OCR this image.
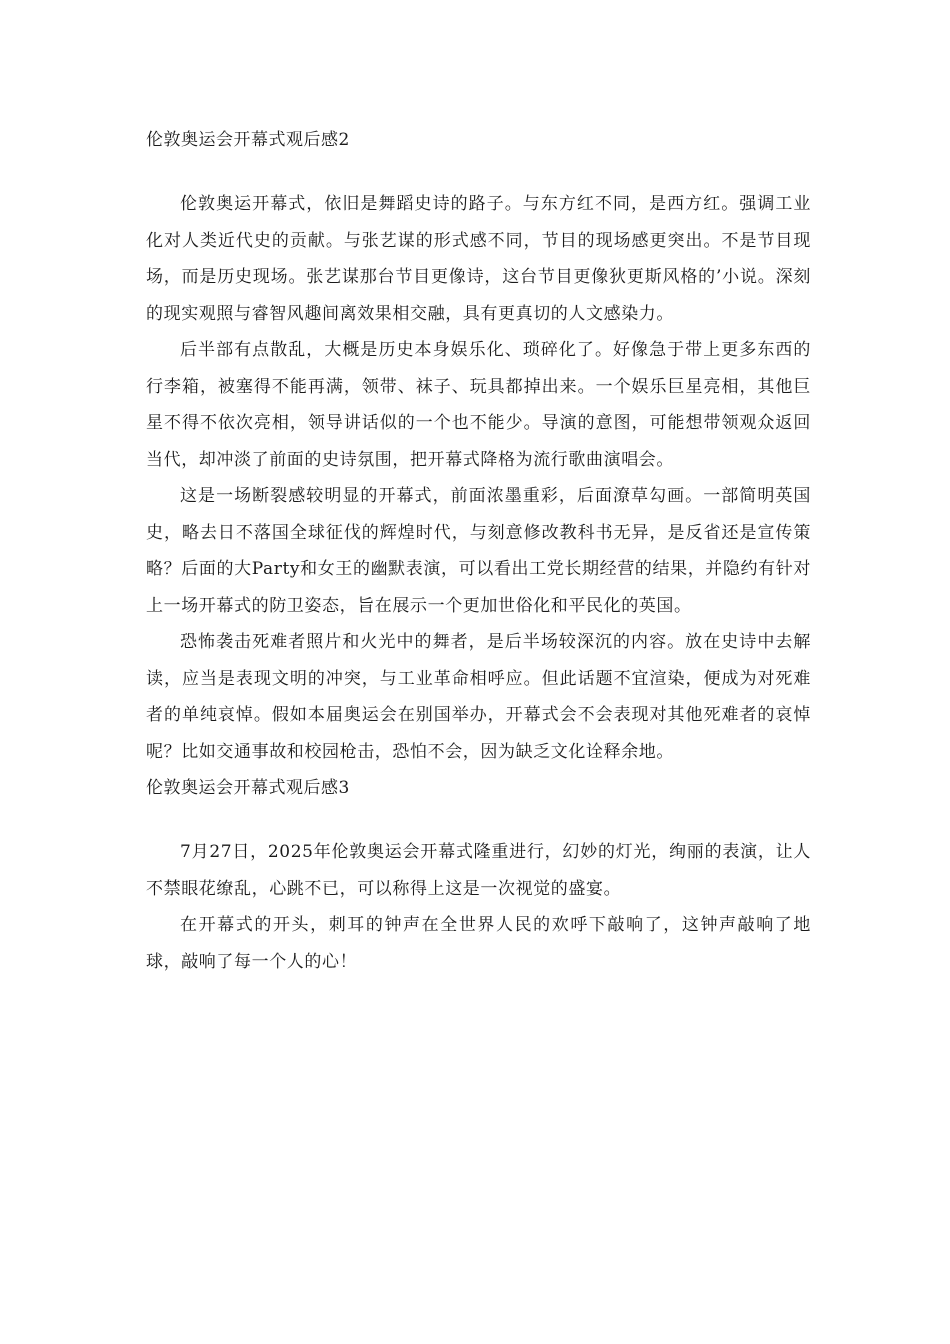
伦敦奥运会开幕式观后感2

伦敦奥运开幕式，依旧是舞蹈史诗的路子。与东方红不同，是西方红。强调工业化对人类近代史的贡献。与张艺谋的形式感不同，节目的现场感更突出。不是节目现场，而是历史现场。张艺谋那台节目更像诗，这台节目更像狄更斯风格的’小说。深刻的现实观照与睿智风趣间离效果相交融，具有更真切的人文感染力。

后半部有点散乱，大概是历史本身娱乐化、琐碎化了。好像急于带上更多东西的行李箱，被塞得不能再满，领带、袜子、玩具都掉出来。一个娱乐巨星亮相，其他巨星不得不依次亮相，领导讲话似的一个也不能少。导演的意图，可能想带领观众返回当代，却冲淡了前面的史诗氛围，把开幕式降格为流行歌曲演唱会。

这是一场断裂感较明显的开幕式，前面浓墨重彩，后面潦草勾画。一部简明英国史，略去日不落国全球征伐的辉煌时代，与刻意修改教科书无异，是反省还是宣传策略？后面的大Party和女王的幽默表演，可以看出工党长期经营的结果，并隐约有针对上一场开幕式的防卫姿态，旨在展示一个更加世俗化和平民化的英国。

恐怖袭击死难者照片和火光中的舞者，是后半场较深沉的内容。放在史诗中去解读，应当是表现文明的冲突，与工业革命相呼应。但此话题不宜渲染，便成为对死难者的单纯哀悼。假如本届奥运会在别国举办，开幕式会不会表现对其他死难者的哀悼呢？比如交通事故和校园枪击，恐怕不会，因为缺乏文化诠释余地。

伦敦奥运会开幕式观后感3

7月27日，2025年伦敦奥运会开幕式隆重进行，幻妙的灯光，绚丽的表演，让人不禁眼花缭乱，心跳不已，可以称得上这是一次视觉的盛宴。

在开幕式的开头，刺耳的钟声在全世界人民的欢呼下敲响了，这钟声敲响了地球，敲响了每一个人的心！
